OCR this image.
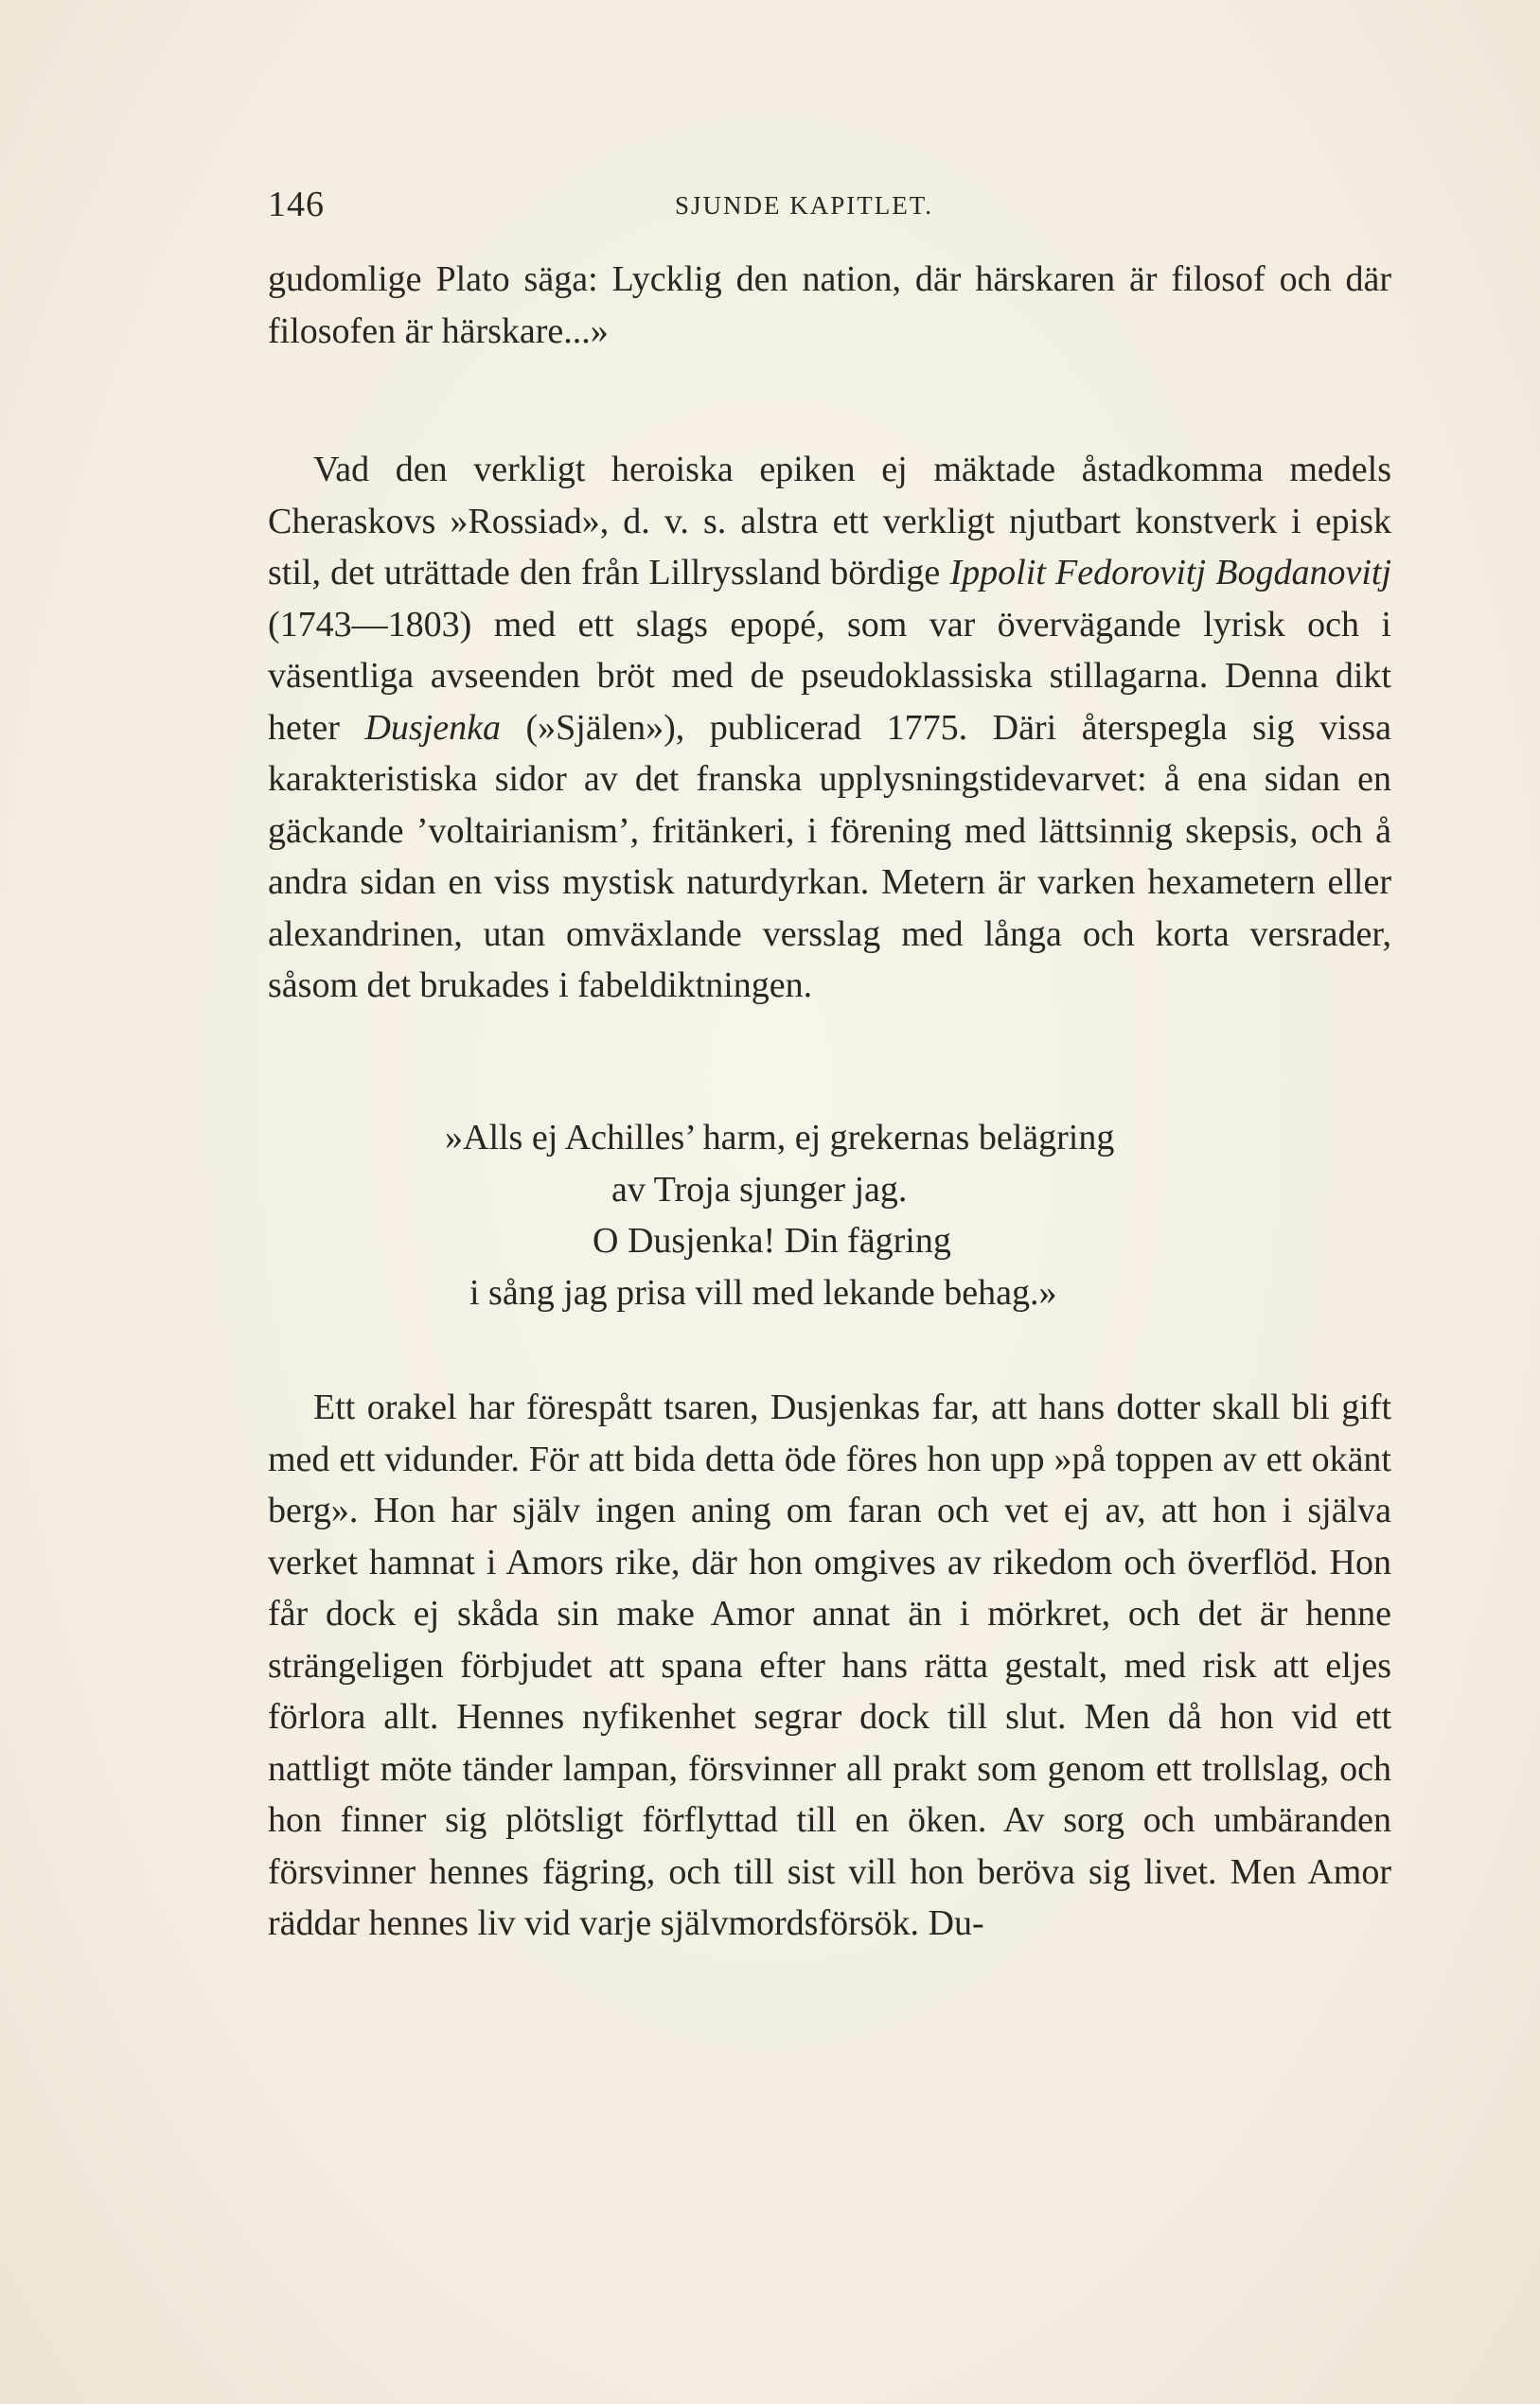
146	SJUNDE KAPITLET.

gudomlige Plato säga: Lycklig den nation, där härskaren är filosof och där filosofen är härskare...»

Vad den verkligt heroiska epiken ej mäktade åstadkomma medels Cheraskovs »Rossiad», d. v. s. alstra ett verkligt njutbart konstverk i episk stil, det uträttade den från Lillryssland bördige Ippolit Fedorovitj Bogdanovitj (1743—1803) med ett slags epopé, som var övervägande lyrisk och i väsentliga avseenden bröt med de pseudoklassiska stillagarna. Denna dikt heter Dusjenka (»Själen»), publicerad 1775. Däri återspegla sig vissa karakteristiska sidor av det franska upplysningstidevarvet: å ena sidan en gäckande ’voltairianism’, fritänkeri, i förening med lättsinnig skepsis, och å andra sidan en viss mystisk naturdyrkan. Metern är varken hexametern eller alexandrinen, utan omväxlande versslag med långa och korta versrader, såsom det brukades i fabeldiktningen.

»Alls ej Achilles’ harm, ej grekernas belägring
av Troja sjunger jag.
O Dusjenka! Din fägring
i sång jag prisa vill med lekande behag.»

Ett orakel har förespått tsaren, Dusjenkas far, att hans dotter skall bli gift med ett vidunder. För att bida detta öde föres hon upp »på toppen av ett okänt berg». Hon har själv ingen aning om faran och vet ej av, att hon i själva verket hamnat i Amors rike, där hon omgives av rikedom och överflöd. Hon får dock ej skåda sin make Amor annat än i mörkret, och det är henne strängeligen förbjudet att spana efter hans rätta gestalt, med risk att eljes förlora allt. Hennes nyfikenhet segrar dock till slut. Men då hon vid ett nattligt möte tänder lampan, försvinner all prakt som genom ett trollslag, och hon finner sig plötsligt förflyttad till en öken. Av sorg och umbäranden försvinner hennes fägring, och till sist vill hon beröva sig livet. Men Amor räddar hennes liv vid varje självmordsförsök. Du-
